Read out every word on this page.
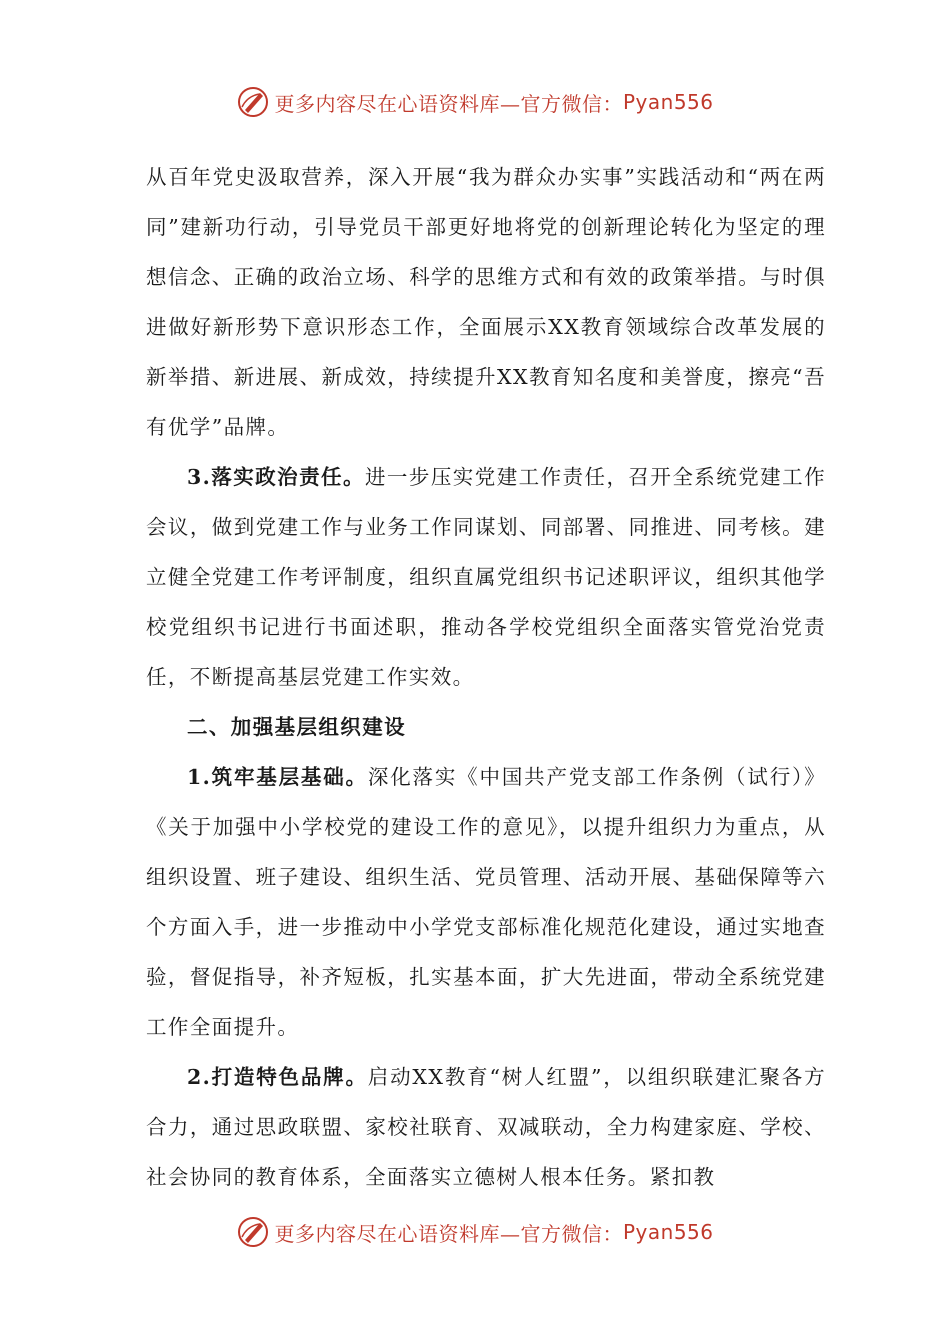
更多内容尽在心语资料库—官方微信： Pyan556

从百年党史汲取营养，深入开展“我为群众办实事”实践活动和“两在两同”建新功行动，引导党员干部更好地将党的创新理论转化为坚定的理想信念、正确的政治立场、科学的思维方式和有效的政策举措。与时俱进做好新形势下意识形态工作，全面展示XX教育领域综合改革发展的新举措、新进展、新成效，持续提升XX教育知名度和美誉度，擦亮“吾有优学”品牌。

3.落实政治责任。进一步压实党建工作责任，召开全系统党建工作会议，做到党建工作与业务工作同谋划、同部署、同推进、同考核。建立健全党建工作考评制度，组织直属党组织书记述职评议，组织其他学校党组织书记进行书面述职，推动各学校党组织全面落实管党治党责任，不断提高基层党建工作实效。

二、加强基层组织建设

1.筑牢基层基础。深化落实《中国共产党支部工作条例（试行）》《关于加强中小学校党的建设工作的意见》，以提升组织力为重点，从组织设置、班子建设、组织生活、党员管理、活动开展、基础保障等六个方面入手，进一步推动中小学党支部标准化规范化建设，通过实地查验，督促指导，补齐短板，扎实基本面，扩大先进面，带动全系统党建工作全面提升。

2.打造特色品牌。启动XX教育“树人红盟”，以组织联建汇聚各方合力，通过思政联盟、家校社联育、双减联动，全力构建家庭、学校、社会协同的教育体系，全面落实立德树人根本任务。紧扣教

更多内容尽在心语资料库—官方微信： Pyan556
